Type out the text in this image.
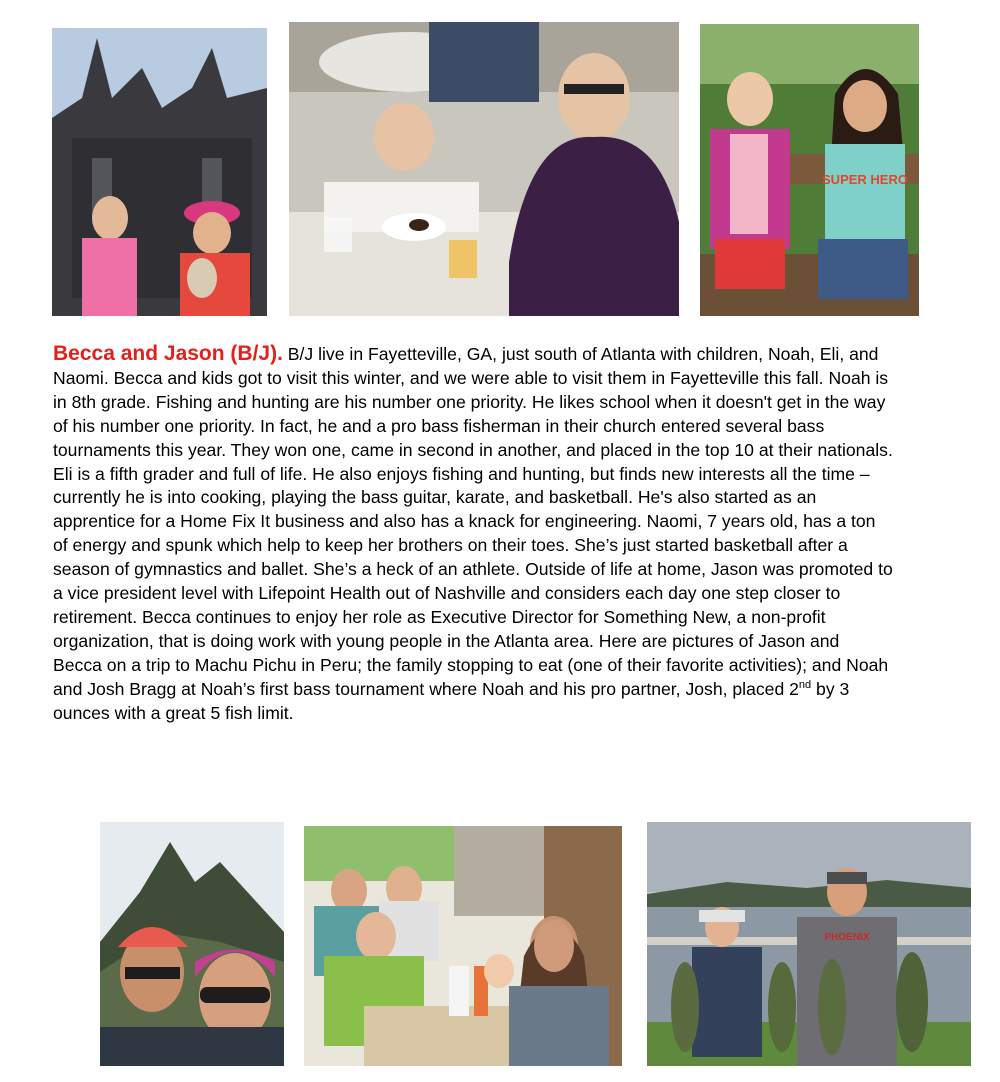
SUPER HERO
Becca and Jason (B/J). B/J live in Fayetteville, GA, just south of Atlanta with children, Noah, Eli, and Naomi. Becca and kids got to visit this winter, and we were able to visit them in Fayetteville this fall. Noah is in 8th grade. Fishing and hunting are his number one priority. He likes school when it doesn't get in the way of his number one priority. In fact, he and a pro bass fisherman in their church entered several bass tournaments this year. They won one, came in second in another, and placed in the top 10 at their nationals. Eli is a fifth grader and full of life. He also enjoys fishing and hunting, but finds new interests all the time – currently he is into cooking, playing the bass guitar, karate, and basketball. He's also started as an apprentice for a Home Fix It business and also has a knack for engineering. Naomi, 7 years old, has a ton of energy and spunk which help to keep her brothers on their toes. She’s just started basketball after a season of gymnastics and ballet. She’s a heck of an athlete. Outside of life at home, Jason was promoted to a vice president level with Lifepoint Health out of Nashville and considers each day one step closer to retirement. Becca continues to enjoy her role as Executive Director for Something New, a non-profit organization, that is doing work with young people in the Atlanta area. Here are pictures of Jason and Becca on a trip to Machu Pichu in Peru; the family stopping to eat (one of their favorite activities); and Noah and Josh Bragg at Noah’s first bass tournament where Noah and his pro partner, Josh, placed 2nd by 3 ounces with a great 5 fish limit.
PHOENIX
